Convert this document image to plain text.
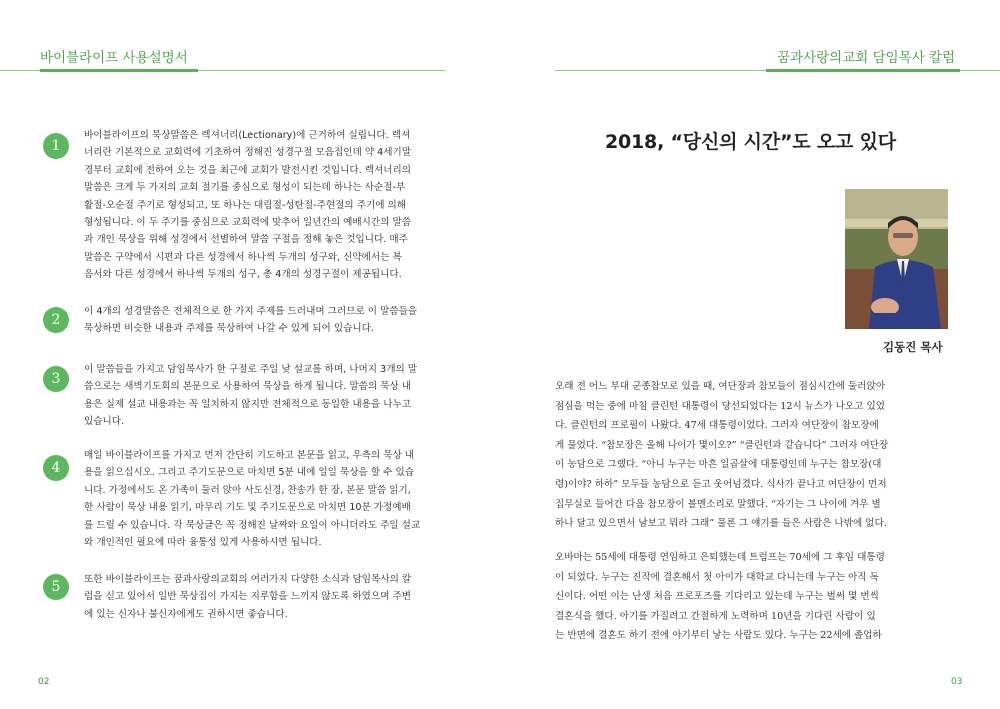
바이블라이프 사용설명서
1
바이블라이프의 묵상말씀은 렉셔너리(Lectionary)에 근거하여 실립니다. 렉셔
너리란 기본적으로 교회력에 기초하여 정해진 성경구절 모음집인데 약 4세기말
경부터 교회에 전하여 오는 것을 최근에 교회가 발전시킨 것입니다. 렉셔너리의
말씀은 크게 두 가지의 교회 절기를 중심으로 형성이 되는데 하나는 사순절-부
활절-오순절 주기로 형성되고, 또 하나는 대림절-성탄절-주현절의 주기에 의해
형성됩니다. 이 두 주기를 중심으로 교회력에 맞추어 일년간의 예배시간의 말씀
과 개인 묵상을 위해 성경에서 선별하여 말씀 구절을 정해 놓은 것입니다. 매주
말씀은 구약에서 시편과 다른 성경에서 하나씩 두개의 성구와, 신약에서는 복
음서와 다른 성경에서 하나씩 두개의 성구, 총 4개의 성경구절이 제공됩니다.
2
이 4개의 성경말씀은 전체적으로 한 가지 주제를 드러내며 그러므로 이 말씀들을
묵상하면 비슷한 내용과 주제를 묵상하여 나갈 수 있게 되어 있습니다.
3
이 말씀들을 가지고 담임목사가 한 구절로 주일 낮 설교를 하며, 나머지 3개의 말
씀으로는 새벽기도회의 본문으로 사용하여 묵상을 하게 됩니다. 말씀의 묵상 내
용은 실제 설교 내용과는 꼭 일치하지 않지만 전체적으로 동일한 내용을 나누고
있습니다.
4
매일 바이블라이프를 가지고 먼저 간단히 기도하고 본문을 읽고, 우측의 묵상 내
용을 읽으십시오. 그리고 주기도문으로 마치면 5분 내에 일일 묵상을 할 수 있습
니다. 가정에서도 온 가족이 둘러 앉아 사도신경, 찬송가 한 장, 본문 말씀 읽기,
한 사람이 묵상 내용 읽기, 마무리 기도 및 주기도문으로 마치면 10분 가정예배
를 드릴 수 있습니다. 각 묵상글은 꼭 정해진 날짜와 요일이 아니더라도 주일 설교
와 개인적인 필요에 따라 융통성 있게 사용하시면 됩니다.
5	또한 바이블라이프는 꿈과사랑의교회의 여러가지 다양한 소식과 담임목사의 칼
럼을 싣고 있어서 일반 묵상집이 가지는 지루함을 느끼지 않도록 하였으며 주변
에 있는 신자나 불신자에게도 권하시면 좋습니다.
02
꿈과사랑의교회 담임목사 칼럼
2018, “당신의 시간”도 오고 있다
김동진 목사
오래 전 어느 부대 군종참모로 있을 때, 여단장과 참모들이 점심시간에 둘러앉아
점심을 먹는 중에 마침 클린턴 대통령이 당선되었다는 12시 뉴스가 나오고 있었
다. 클린턴의 프로필이 나왔다. 47세 대통령이었다. 그러자 여단장이 참모장에
게 물었다. “참모장은 올해 나이가 몇이오?” “클린턴과 같습니다” 그러자 여단장
이 농담으로 그랬다. “아니 누구는 마흔 일곱살에 대통령인데 누구는 참모장(대
령)이야? 하하” 모두들 농담으로 듣고 웃어넘겼다. 식사가 끝나고 여단장이 먼저
집무실로 들어간 다음 참모장이 볼멘소리로 말했다. “자기는 그 나이에 겨우 별
하나 달고 있으면서 남보고 뭐라 그래” 물론 그 얘기를 들은 사람은 나밖에 없다.
오바마는 55세에 대통령 연임하고 은퇴했는데 트럼프는 70세에 그 후임 대통령
이 되었다. 누구는 진작에 결혼해서 첫 아이가 대학교 다니는데 누구는 아직 독
신이다. 어떤 이는 난생 처음 프로포즈를 기다리고 있는데 누구는 벌써 몇 번씩
결혼식을 했다. 아기를 가질려고 간절하게 노력하며 10년을 기다린 사람이 있
는 반면에 결혼도 하기 전에 아기부터 낳는 사람도 있다. 누구는 22세에 졸업하
03
